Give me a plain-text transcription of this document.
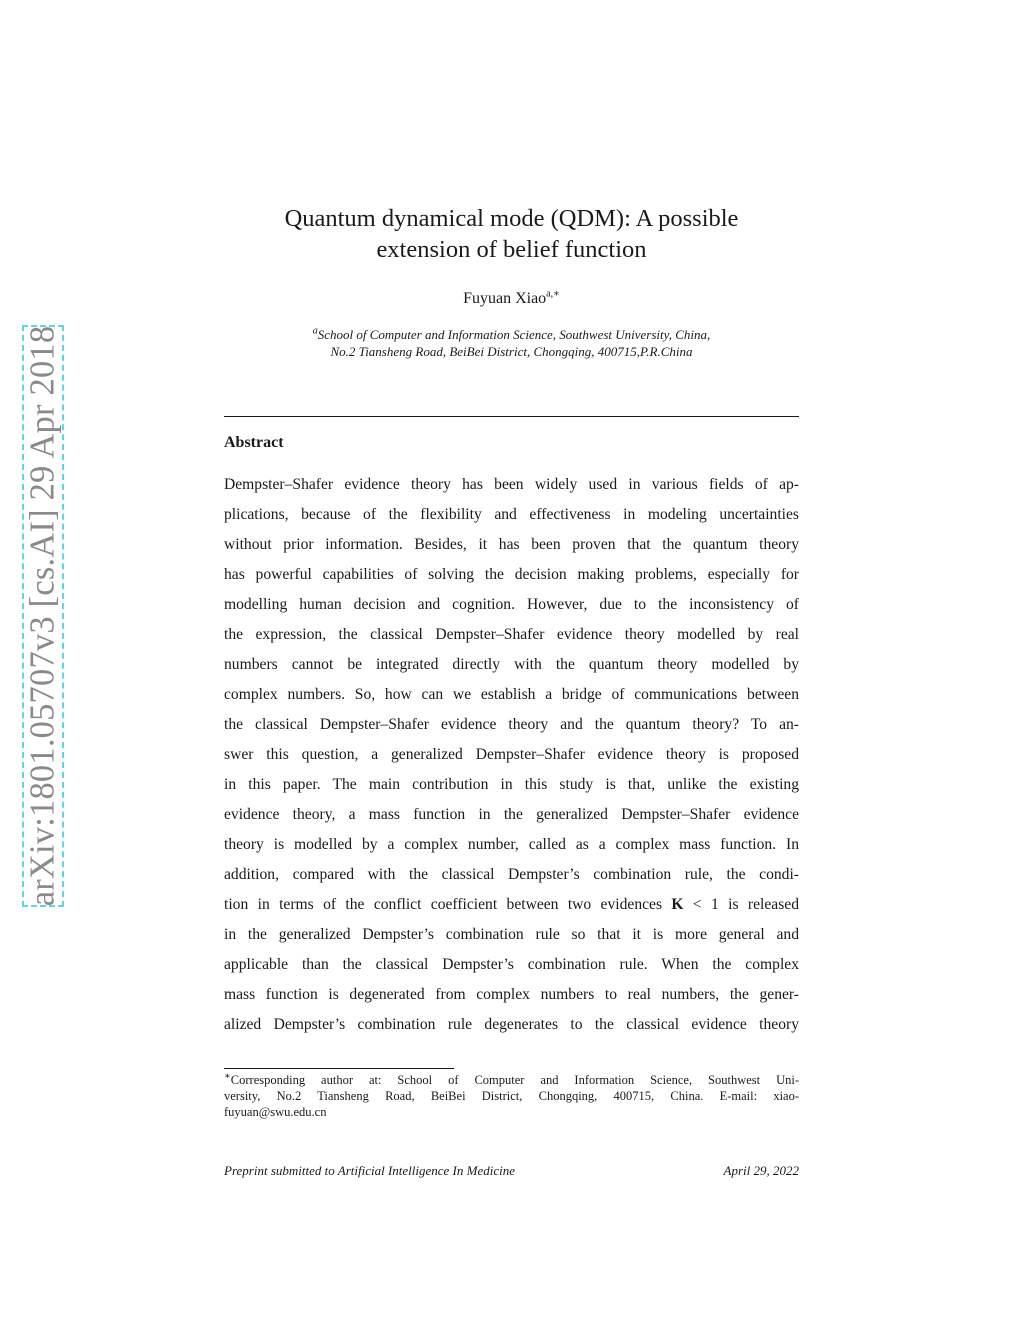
arXiv:1801.05707v3 [cs.AI] 29 Apr 2018
Quantum dynamical mode (QDM): A possible
extension of belief function
Fuyuan Xiao$^{a,∗}$
$^a$School of Computer and Information Science, Southwest University, China,
No.2 Tiansheng Road, BeiBei District, Chongqing, 400715,P.R.China
Abstract
Dempster–Shafer evidence theory has been widely used in various fields of ap-
plications, because of the flexibility and effectiveness in modeling uncertainties
without prior information. Besides, it has been proven that the quantum theory
has powerful capabilities of solving the decision making problems, especially for
modelling human decision and cognition. However, due to the inconsistency of
the expression, the classical Dempster–Shafer evidence theory modelled by real
numbers cannot be integrated directly with the quantum theory modelled by
complex numbers. So, how can we establish a bridge of communications between
the classical Dempster–Shafer evidence theory and the quantum theory? To an-
swer this question, a generalized Dempster–Shafer evidence theory is proposed
in this paper. The main contribution in this study is that, unlike the existing
evidence theory, a mass function in the generalized Dempster–Shafer evidence
theory is modelled by a complex number, called as a complex mass function. In
addition, compared with the classical Dempster’s combination rule, the condi-
tion in terms of the conflict coefficient between two evidences K < 1 is released
in the generalized Dempster’s combination rule so that it is more general and
applicable than the classical Dempster’s combination rule. When the complex
mass function is degenerated from complex numbers to real numbers, the gener-
alized Dempster’s combination rule degenerates to the classical evidence theory
∗Corresponding author at: School of Computer and Information Science, Southwest Uni-
versity, No.2 Tiansheng Road, BeiBei District, Chongqing, 400715, China. E-mail: xiao-
fuyuan@swu.edu.cn
Preprint submitted to Artificial Intelligence In Medicine	April 29, 2022
